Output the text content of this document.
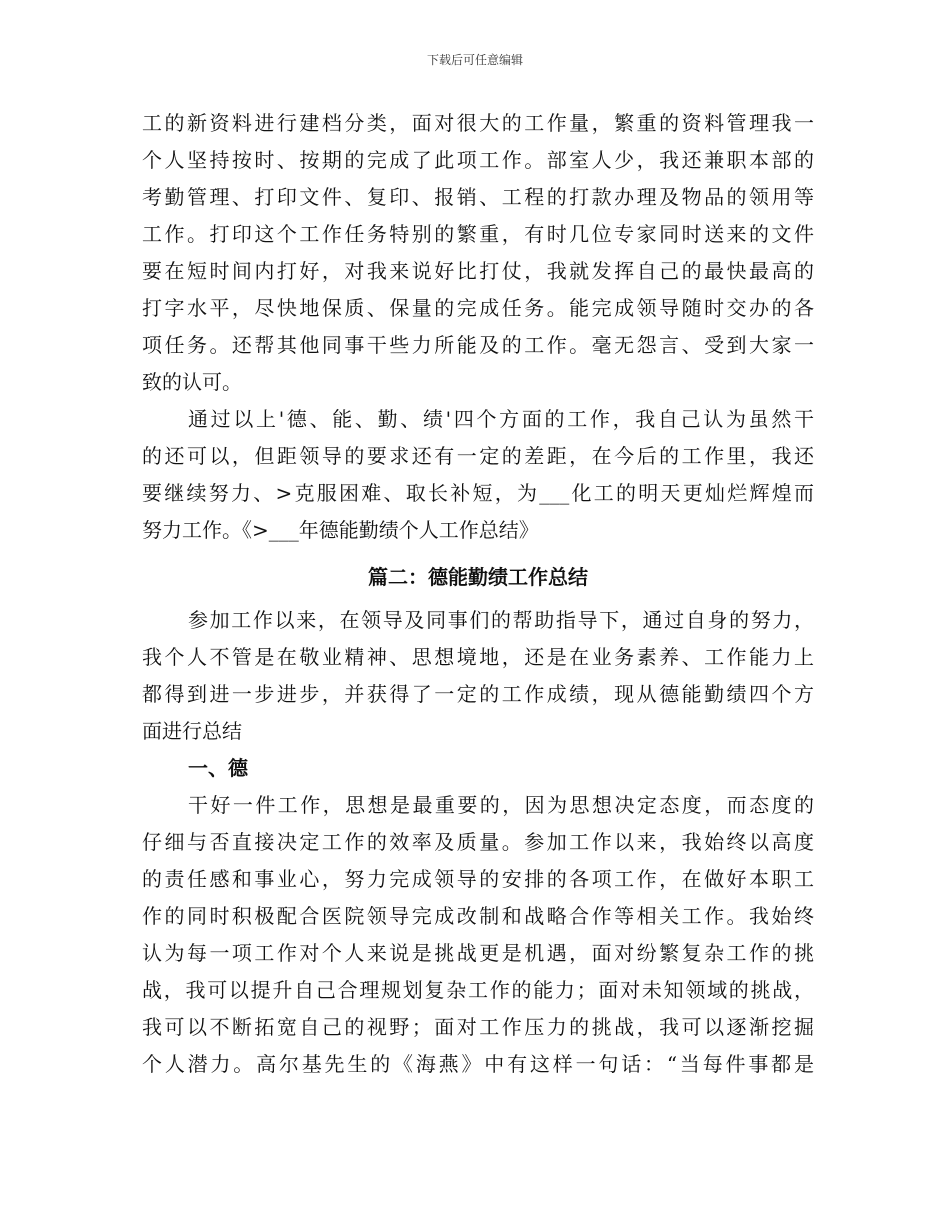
下载后可任意编辑
工的新资料进行建档分类，面对很大的工作量，繁重的资料管理我一
个人坚持按时、按期的完成了此项工作。部室人少，我还兼职本部的
考勤管理、打印文件、复印、报销、工程的打款办理及物品的领用等
工作。打印这个工作任务特别的繁重，有时几位专家同时送来的文件
要在短时间内打好，对我来说好比打仗，我就发挥自己的最快最高的
打字水平，尽快地保质、保量的完成任务。能完成领导随时交办的各
项任务。还帮其他同事干些力所能及的工作。毫无怨言、受到大家一
致的认可。
通过以上'德、能、勤、绩'四个方面的工作，我自己认为虽然干
的还可以，但距领导的要求还有一定的差距，在今后的工作里，我还
要继续努力、>克服困难、取长补短，为___化工的明天更灿烂辉煌而
努力工作。《>___年德能勤绩个人工作总结》
篇二：德能勤绩工作总结
参加工作以来，在领导及同事们的帮助指导下，通过自身的努力，
我个人不管是在敬业精神、思想境地，还是在业务素养、工作能力上
都得到进一步进步，并获得了一定的工作成绩，现从德能勤绩四个方
面进行总结
一、德
干好一件工作，思想是最重要的，因为思想决定态度，而态度的
仔细与否直接决定工作的效率及质量。参加工作以来，我始终以高度
的责任感和事业心，努力完成领导的安排的各项工作，在做好本职工
作的同时积极配合医院领导完成改制和战略合作等相关工作。我始终
认为每一项工作对个人来说是挑战更是机遇，面对纷繁复杂工作的挑
战，我可以提升自己合理规划复杂工作的能力；面对未知领域的挑战，
我可以不断拓宽自己的视野；面对工作压力的挑战，我可以逐渐挖掘
个人潜力。高尔基先生的《海燕》中有这样一句话：“当每件事都是
